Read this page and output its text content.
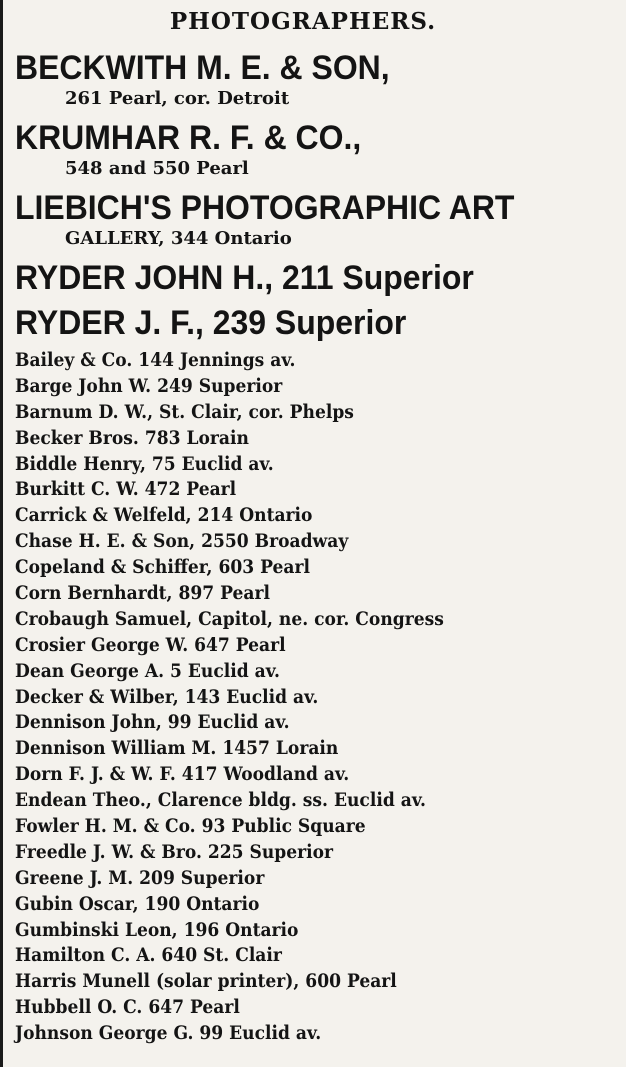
PHOTOGRAPHERS.
BECKWITH M. E. & SON,
261 Pearl, cor. Detroit
KRUMHAR R. F. & CO.,
548 and 550 Pearl
LIEBICH'S PHOTOGRAPHIC ART
GALLERY, 344 Ontario
RYDER JOHN H., 211 Superior
RYDER J. F., 239 Superior
Bailey & Co. 144 Jennings av.
Barge John W. 249 Superior
Barnum D. W., St. Clair, cor. Phelps
Becker Bros. 783 Lorain
Biddle Henry, 75 Euclid av.
Burkitt C. W. 472 Pearl
Carrick & Welfeld, 214 Ontario
Chase H. E. & Son, 2550 Broadway
Copeland & Schiffer, 603 Pearl
Corn Bernhardt, 897 Pearl
Crobaugh Samuel, Capitol, ne. cor. Congress
Crosier George W. 647 Pearl
Dean George A. 5 Euclid av.
Decker & Wilber, 143 Euclid av.
Dennison John, 99 Euclid av.
Dennison William M. 1457 Lorain
Dorn F. J. & W. F. 417 Woodland av.
Endean Theo., Clarence bldg. ss. Euclid av.
Fowler H. M. & Co. 93 Public Square
Freedle J. W. & Bro. 225 Superior
Greene J. M. 209 Superior
Gubin Oscar, 190 Ontario
Gumbinski Leon, 196 Ontario
Hamilton C. A. 640 St. Clair
Harris Munell (solar printer), 600 Pearl
Hubbell O. C. 647 Pearl
Johnson George G. 99 Euclid av.
